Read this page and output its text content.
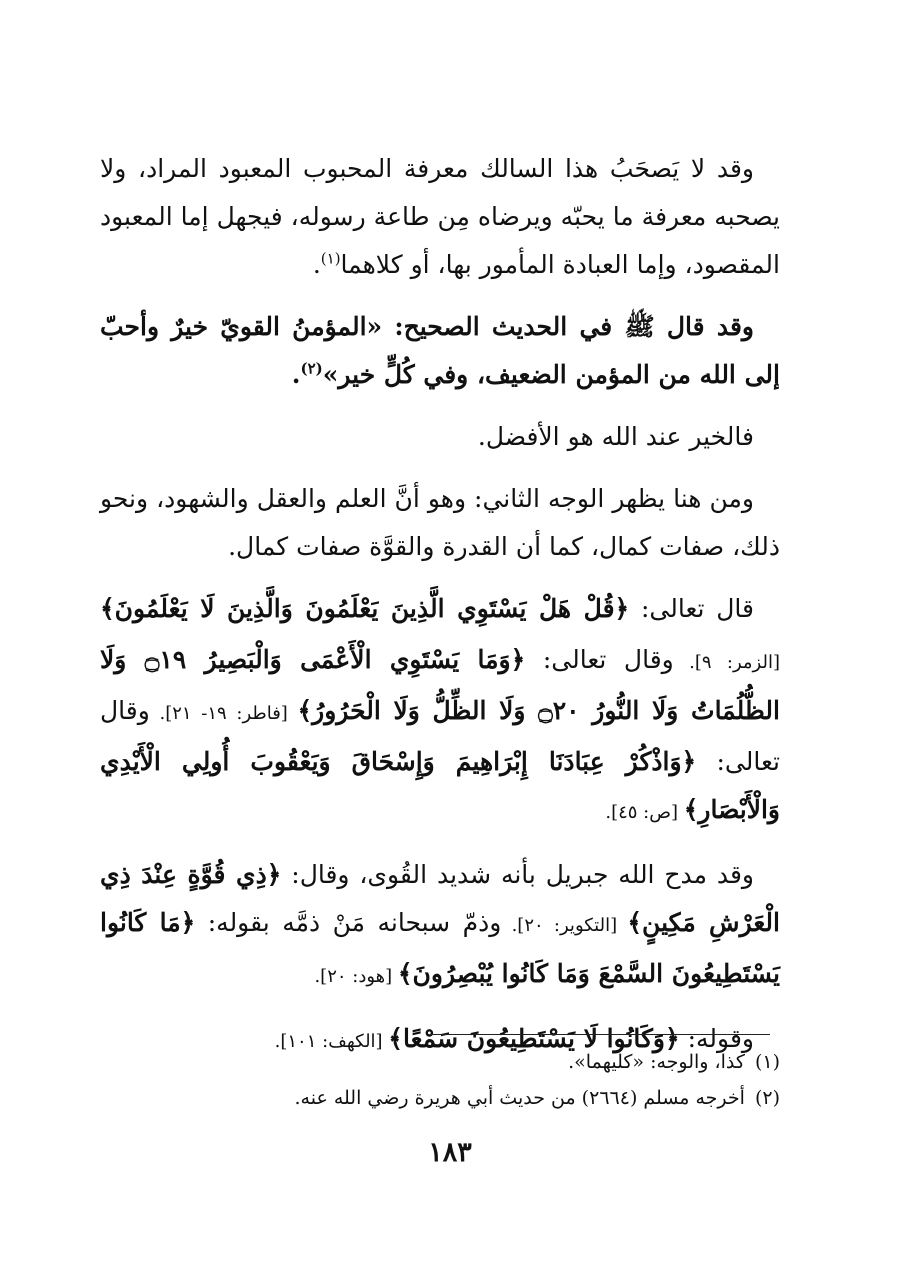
وقد لا يَصحَبُ هذا السالك معرفة المحبوب المعبود المراد، ولا يصحبه معرفة ما يحبّه ويرضاه مِن طاعة رسوله، فيجهل إما المعبود المقصود، وإما العبادة المأمور بها، أو كلاهما$^{(١)}$.

وقد قال ﷺ في الحديث الصحيح: «المؤمنُ القويّ خيرٌ وأحبّ إلى الله من المؤمن الضعيف، وفي كُلٍّ خير»$^{(٢)}$.

فالخير عند الله هو الأفضل.

ومن هنا يظهر الوجه الثاني: وهو أنَّ العلم والعقل والشهود، ونحو ذلك، صفات كمال، كما أن القدرة والقوَّة صفات كمال.

قال تعالى: ﴿قُلْ هَلْ يَسْتَوِي الَّذِينَ يَعْلَمُونَ وَالَّذِينَ لَا يَعْلَمُونَ﴾ [الزمر: ٩]. وقال تعالى: ﴿وَمَا يَسْتَوِي الْأَعْمَى وَالْبَصِيرُ ۝١٩ وَلَا الظُّلُمَاتُ وَلَا النُّورُ ۝٢٠ وَلَا الظِّلُّ وَلَا الْحَرُورُ﴾ [فاطر: ١٩- ٢١]. وقال تعالى: ﴿وَاذْكُرْ عِبَادَنَا إِبْرَاهِيمَ وَإِسْحَاقَ وَيَعْقُوبَ أُولِي الْأَيْدِي وَالْأَبْصَارِ﴾ [ص: ٤٥].

وقد مدح الله جبريل بأنه شديد القُوى، وقال: ﴿ذِي قُوَّةٍ عِنْدَ ذِي الْعَرْشِ مَكِينٍ﴾ [التكوير: ٢٠]. وذمّ سبحانه مَنْ ذمَّه بقوله: ﴿مَا كَانُوا يَسْتَطِيعُونَ السَّمْعَ وَمَا كَانُوا يُبْصِرُونَ﴾ [هود: ٢٠].

وقوله: ﴿وَكَانُوا لَا يَسْتَطِيعُونَ سَمْعًا﴾ [الكهف: ١٠١].

(١)كذا، والوجه: «كليهما».

(٢)أخرجه مسلم (٢٦٦٤) من حديث أبي هريرة رضي الله عنه.

١٨٣
